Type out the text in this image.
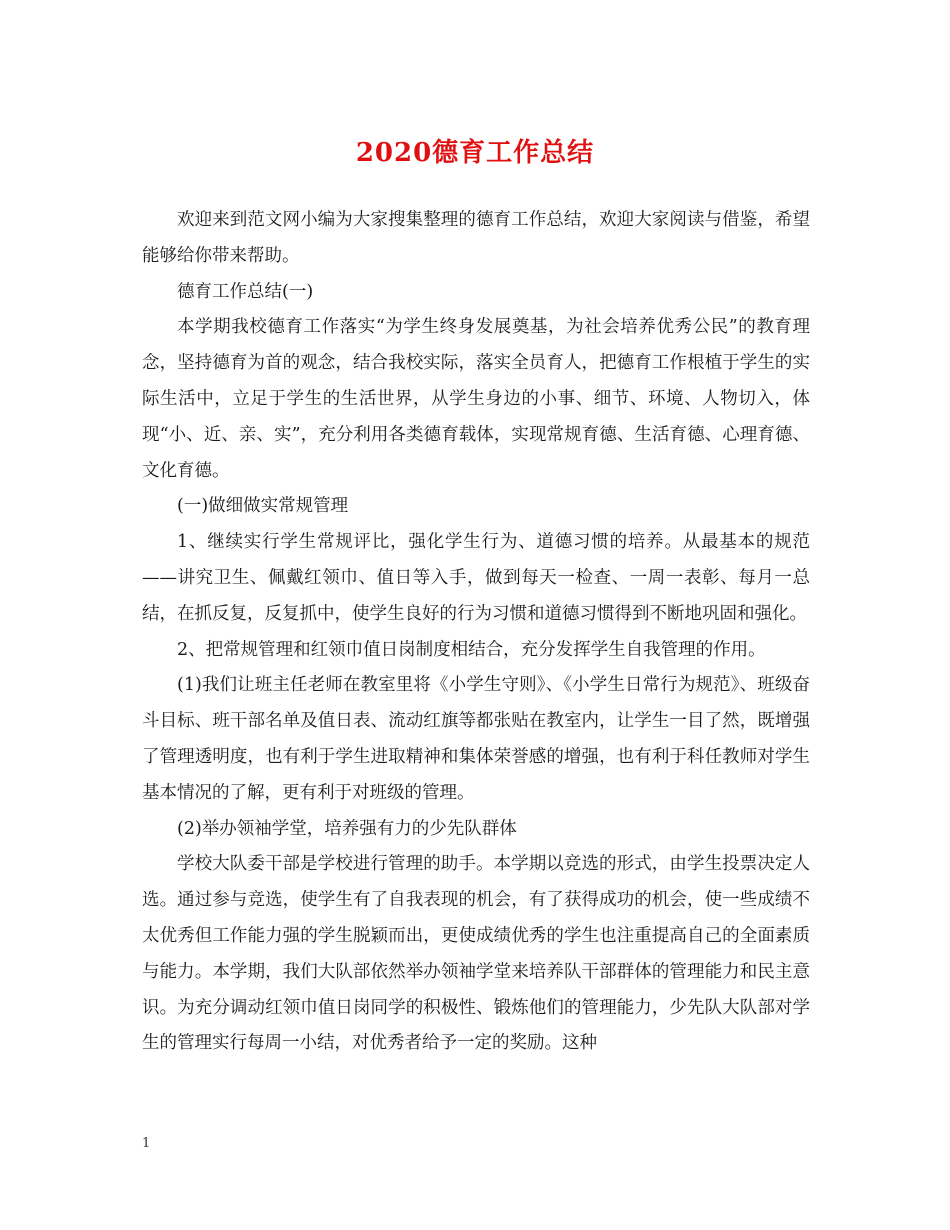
2020德育工作总结

欢迎来到范文网小编为大家搜集整理的德育工作总结，欢迎大家阅读与借鉴，希望能够给你带来帮助。

德育工作总结(一)

本学期我校德育工作落实“为学生终身发展奠基，为社会培养优秀公民”的教育理念，坚持德育为首的观念，结合我校实际，落实全员育人，把德育工作根植于学生的实际生活中，立足于学生的生活世界，从学生身边的小事、细节、环境、人物切入，体现“小、近、亲、实”，充分利用各类德育载体，实现常规育德、生活育德、心理育德、文化育德。

(一)做细做实常规管理

1、继续实行学生常规评比，强化学生行为、道德习惯的培养。从最基本的规范——讲究卫生、佩戴红领巾、值日等入手，做到每天一检查、一周一表彰、每月一总结，在抓反复，反复抓中，使学生良好的行为习惯和道德习惯得到不断地巩固和强化。

2、把常规管理和红领巾值日岗制度相结合，充分发挥学生自我管理的作用。

(1)我们让班主任老师在教室里将《小学生守则》、《小学生日常行为规范》、班级奋斗目标、班干部名单及值日表、流动红旗等都张贴在教室内，让学生一目了然，既增强了管理透明度，也有利于学生进取精神和集体荣誉感的增强，也有利于科任教师对学生基本情况的了解，更有利于对班级的管理。

(2)举办领袖学堂，培养强有力的少先队群体

学校大队委干部是学校进行管理的助手。本学期以竞选的形式，由学生投票决定人选。通过参与竞选，使学生有了自我表现的机会，有了获得成功的机会，使一些成绩不太优秀但工作能力强的学生脱颖而出，更使成绩优秀的学生也注重提高自己的全面素质与能力。本学期，我们大队部依然举办领袖学堂来培养队干部群体的管理能力和民主意识。为充分调动红领巾值日岗同学的积极性、锻炼他们的管理能力，少先队大队部对学生的管理实行每周一小结，对优秀者给予一定的奖励。这种

1
